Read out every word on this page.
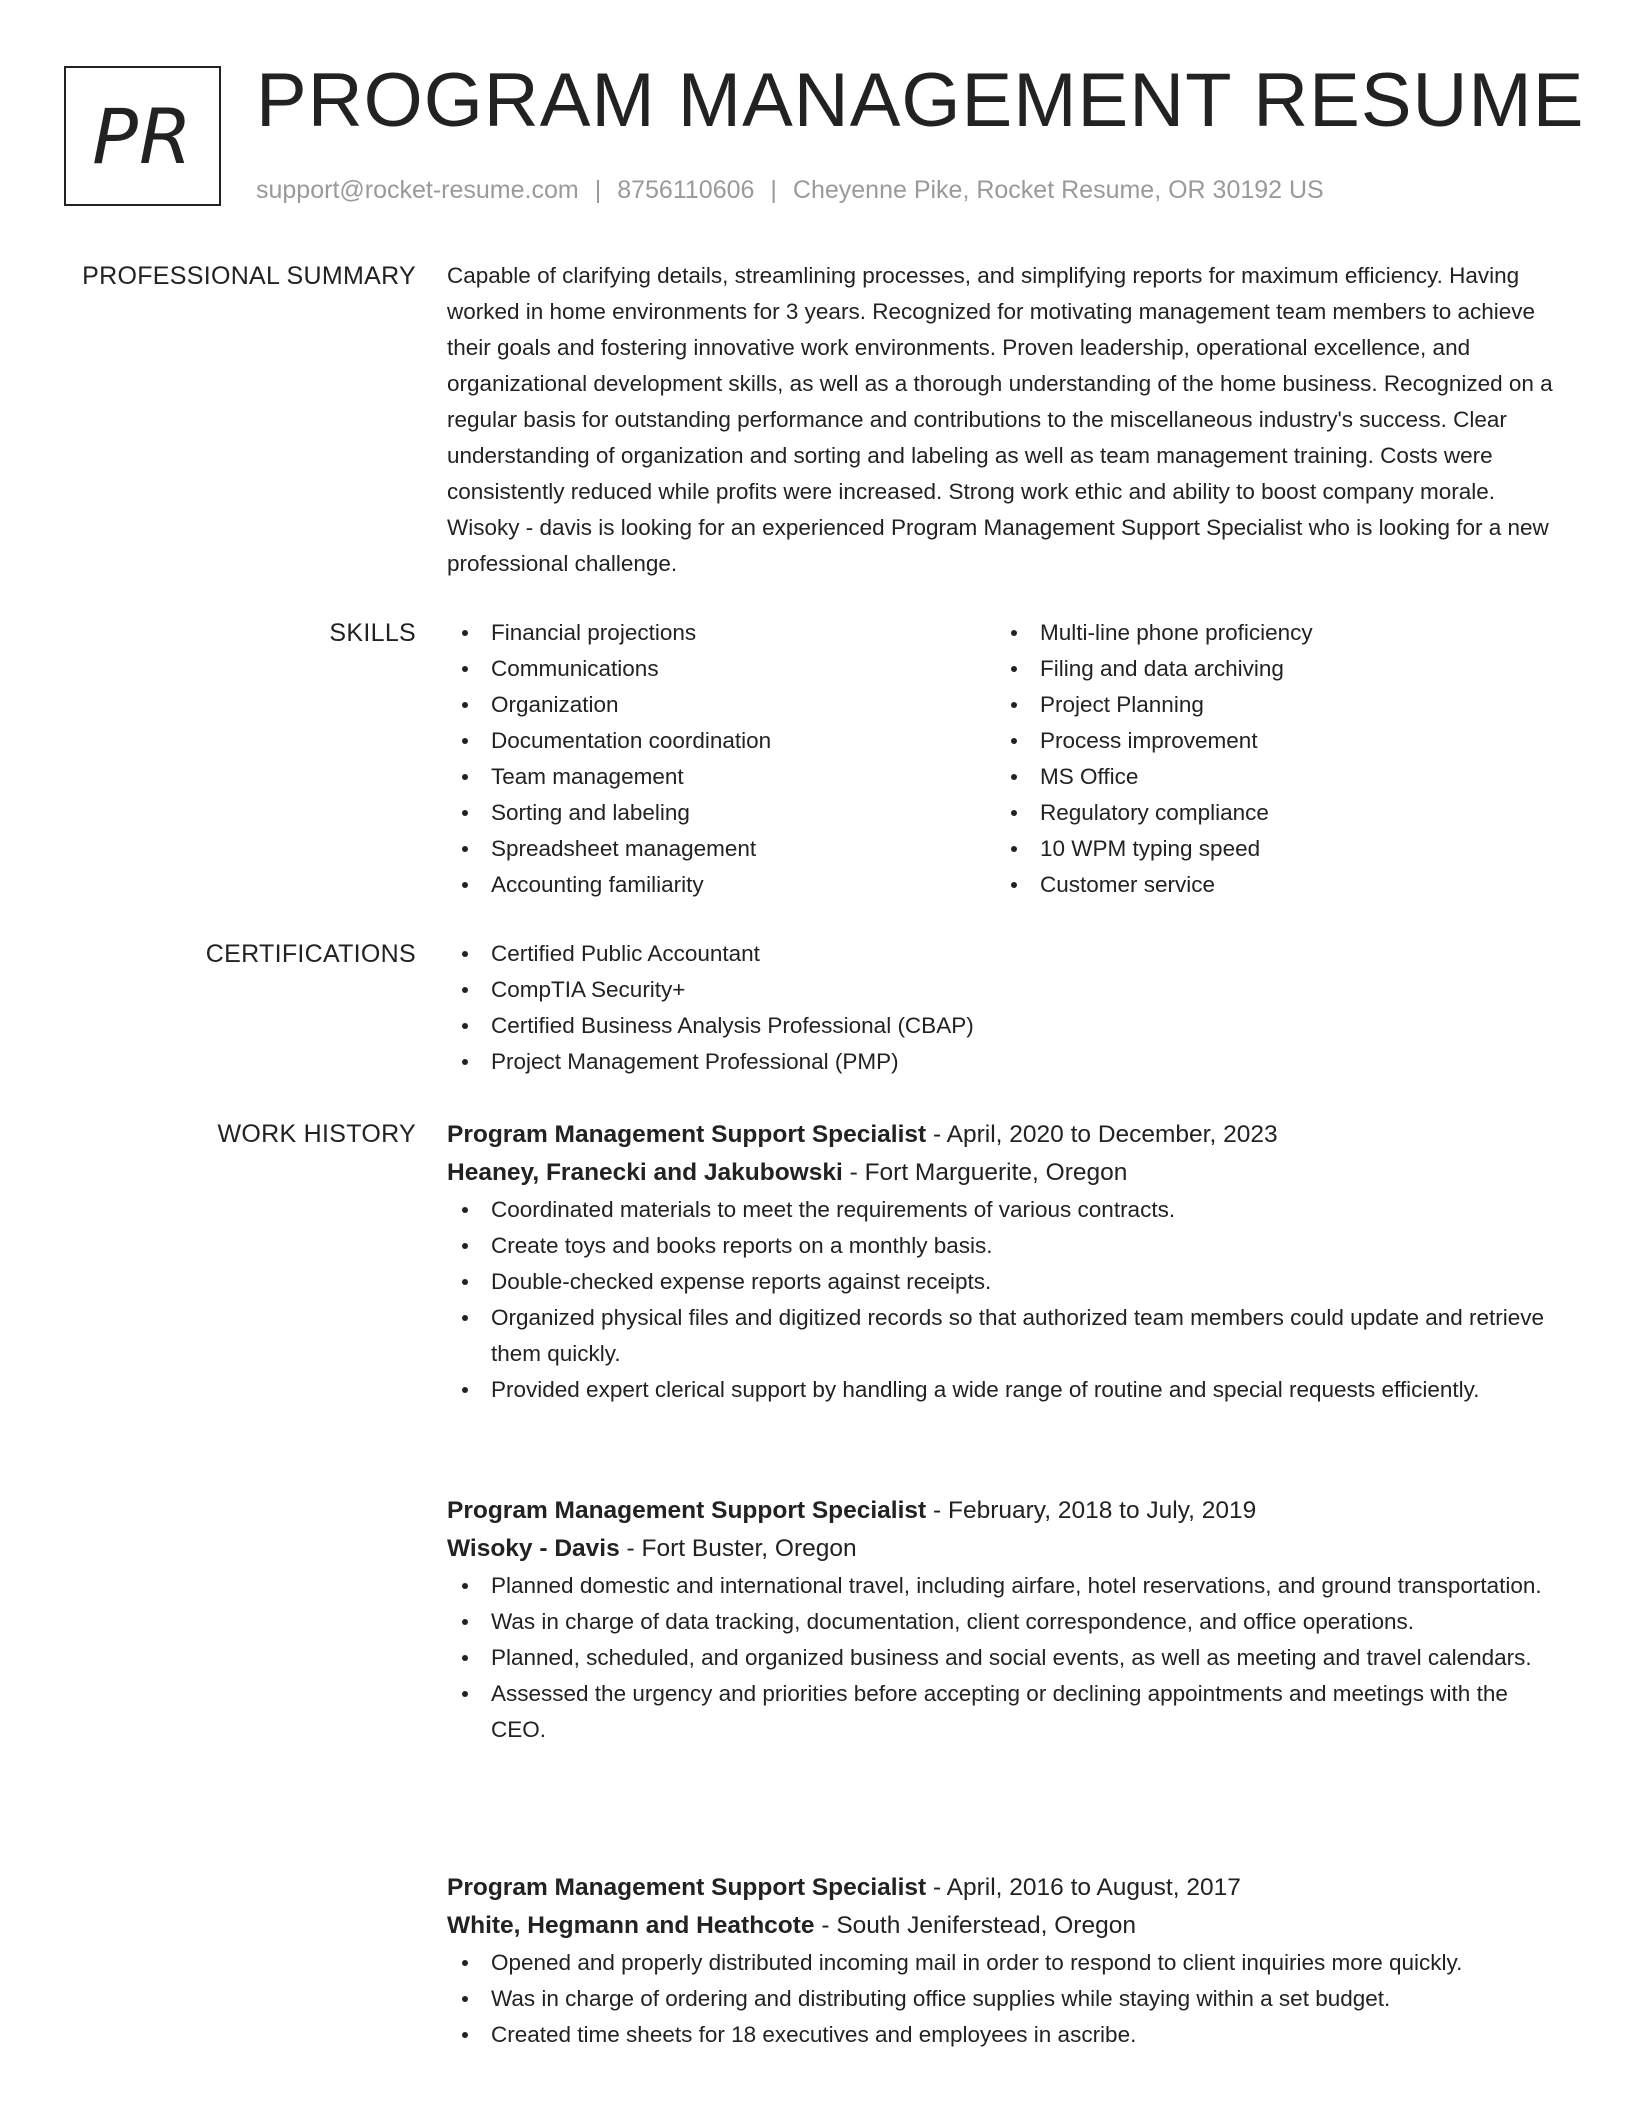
PR PROGRAM MANAGEMENT RESUME
support@rocket-resume.com | 8756110606 | Cheyenne Pike, Rocket Resume, OR 30192 US
PROFESSIONAL SUMMARY Capable of clarifying details, streamlining processes, and simplifying reports for maximum efficiency. Having worked in home environments for 3 years. Recognized for motivating management team members to achieve their goals and fostering innovative work environments. Proven leadership, operational excellence, and organizational development skills, as well as a thorough understanding of the home business. Recognized on a regular basis for outstanding performance and contributions to the miscellaneous industry's success. Clear understanding of organization and sorting and labeling as well as team management training. Costs were consistently reduced while profits were increased. Strong work ethic and ability to boost company morale. Wisoky - davis is looking for an experienced Program Management Support Specialist who is looking for a new professional challenge.

SKILLS	Financial projections
Communications
Organization
Documentation coordination
Team management
Sorting and labeling
Spreadsheet management
Accounting familiarity
Multi-line phone proficiency
Filing and data archiving
Project Planning
Process improvement
MS Office
Regulatory compliance
10 WPM typing speed
Customer service
CERTIFICATIONS	Certified Public Accountant
CompTIA Security+
Certified Business Analysis Professional (CBAP)
Project Management Professional (PMP)
WORK HISTORY Program Management Support Specialist - April, 2020 to December, 2023
Heaney, Franecki and Jakubowski - Fort Marguerite, Oregon
Coordinated materials to meet the requirements of various contracts.
Create toys and books reports on a monthly basis.
Double-checked expense reports against receipts.
Organized physical files and digitized records so that authorized team members could update and retrieve them quickly.
Provided expert clerical support by handling a wide range of routine and special requests efficiently.
Program Management Support Specialist - February, 2018 to July, 2019
Wisoky - Davis - Fort Buster, Oregon
Planned domestic and international travel, including airfare, hotel reservations, and ground transportation.
Was in charge of data tracking, documentation, client correspondence, and office operations.
Planned, scheduled, and organized business and social events, as well as meeting and travel calendars.
Assessed the urgency and priorities before accepting or declining appointments and meetings with the CEO.
Program Management Support Specialist - April, 2016 to August, 2017
White, Hegmann and Heathcote - South Jeniferstead, Oregon
Opened and properly distributed incoming mail in order to respond to client inquiries more quickly.
Was in charge of ordering and distributing office supplies while staying within a set budget.
Created time sheets for 18 executives and employees in ascribe.
